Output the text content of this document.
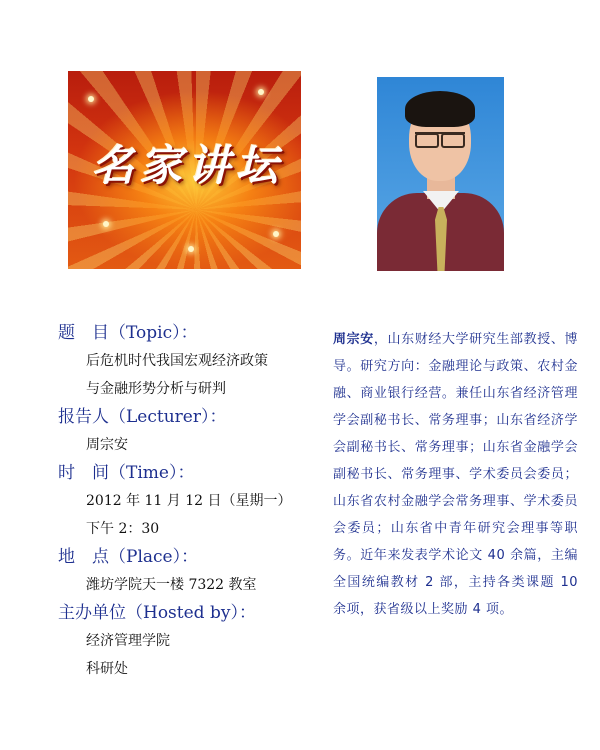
名家讲坛
题　目（Topic）：
后危机时代我国宏观经济政策
与金融形势分析与研判
报告人（Lecturer）：
周宗安
时　间（Time）：
2012 年 11 月 12 日（星期一）
下午 2：30
地　点（Place）：
潍坊学院天一楼 7322 教室
主办单位（Hosted by）：
经济管理学院
科研处
周宗安，山东财经大学研究生部教授、博导。研究方向：金融理论与政策、农村金融、商业银行经营。兼任山东省经济管理学会副秘书长、常务理事；山东省经济学会副秘书长、常务理事；山东省金融学会副秘书长、常务理事、学术委员会委员；山东省农村金融学会常务理事、学术委员会委员；山东省中青年研究会理事等职务。近年来发表学术论文 40 余篇，主编全国统编教材 2 部，主持各类课题 10 余项，获省级以上奖励 4 项。
